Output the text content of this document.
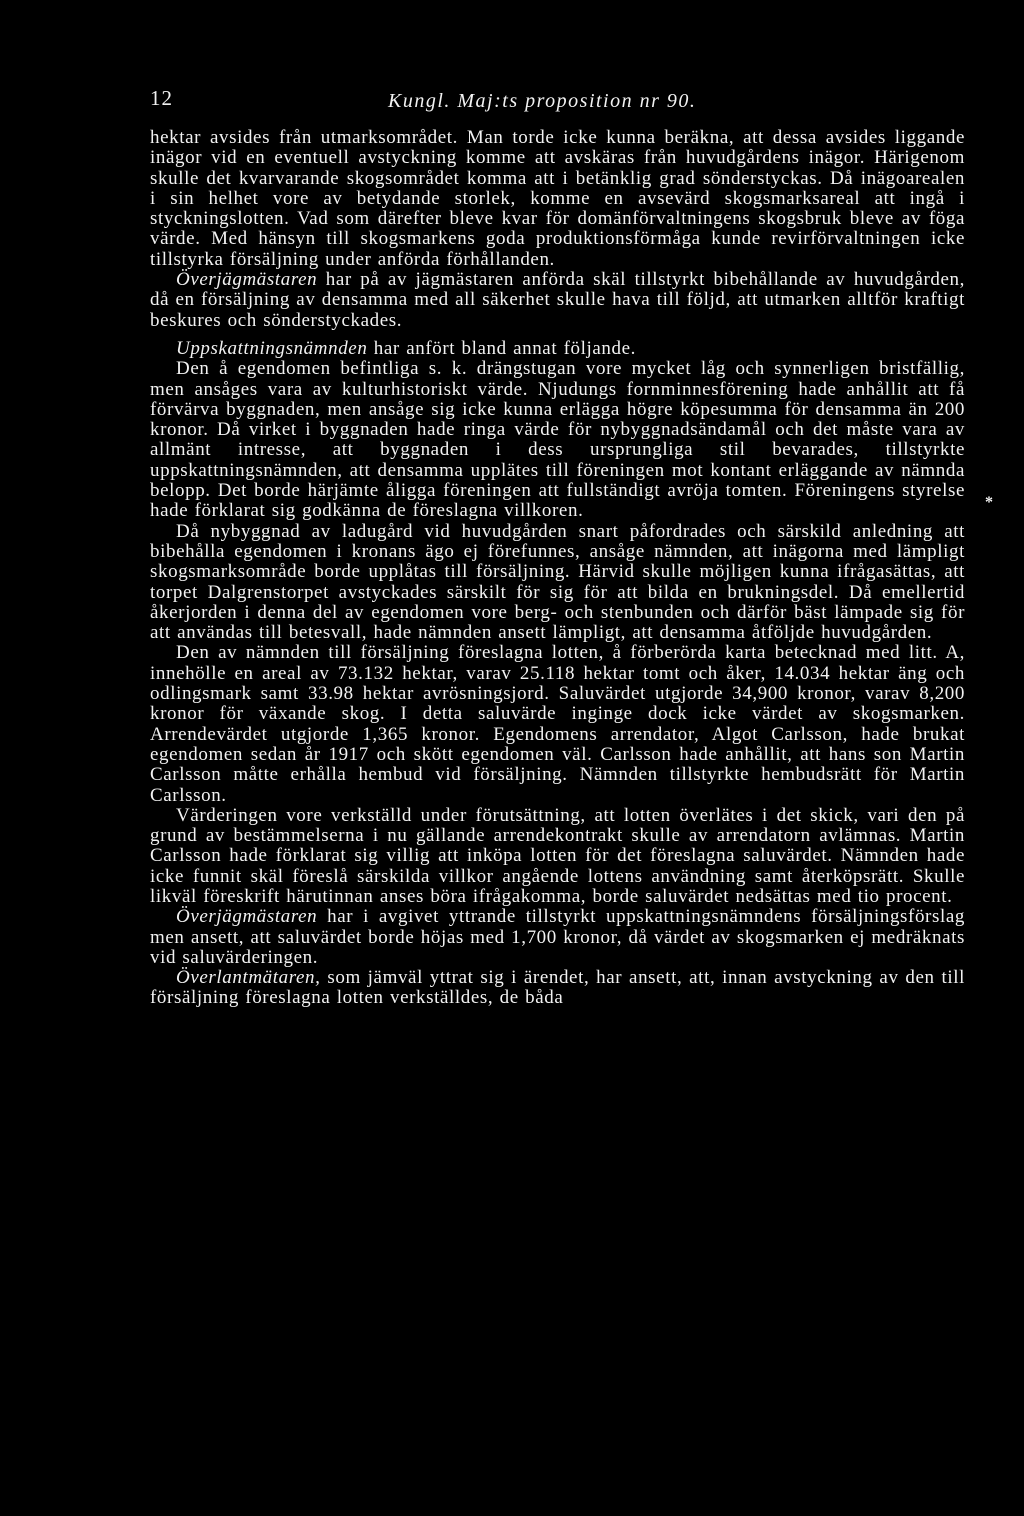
12	Kungl. Maj:ts proposition nr 90.
*

hektar avsides från utmarksområdet. Man torde icke kunna beräkna, att dessa avsides liggande inägor vid en eventuell avstyckning komme att avskäras från huvudgårdens inägor. Härigenom skulle det kvarvarande skogsområdet komma att i betänklig grad sönderstyckas. Då inägoarealen i sin helhet vore av betydande storlek, komme en avsevärd skogsmarksareal att ingå i styckningslotten. Vad som därefter bleve kvar för domänförvaltningens skogsbruk bleve av föga värde. Med hänsyn till skogsmarkens goda produktionsförmåga kunde revirförvaltningen icke tillstyrka försäljning under anförda förhållanden.

Överjägmästaren har på av jägmästaren anförda skäl tillstyrkt bibehållande av huvudgården, då en försäljning av densamma med all säkerhet skulle hava till följd, att utmarken alltför kraftigt beskures och sönderstyckades.

Uppskattningsnämnden har anfört bland annat följande.

Den å egendomen befintliga s. k. drängstugan vore mycket låg och synnerligen bristfällig, men ansåges vara av kulturhistoriskt värde. Njudungs fornminnesförening hade anhållit att få förvärva byggnaden, men ansåge sig icke kunna erlägga högre köpesumma för densamma än 200 kronor. Då virket i byggnaden hade ringa värde för nybyggnadsändamål och det måste vara av allmänt intresse, att byggnaden i dess ursprungliga stil bevarades, tillstyrkte uppskattningsnämnden, att densamma upplätes till föreningen mot kontant erläggande av nämnda belopp. Det borde härjämte åligga föreningen att fullständigt avröja tomten. Föreningens styrelse hade förklarat sig godkänna de föreslagna villkoren.

Då nybyggnad av ladugård vid huvudgården snart påfordrades och särskild anledning att bibehålla egendomen i kronans ägo ej förefunnes, ansåge nämnden, att inägorna med lämpligt skogsmarksområde borde upplåtas till försäljning. Härvid skulle möjligen kunna ifrågasättas, att torpet Dalgrenstorpet avstyckades särskilt för sig för att bilda en brukningsdel. Då emellertid åkerjorden i denna del av egendomen vore berg- och stenbunden och därför bäst lämpade sig för att användas till betesvall, hade nämnden ansett lämpligt, att densamma åtföljde huvudgården.

Den av nämnden till försäljning föreslagna lotten, å förberörda karta betecknad med litt. A, innehölle en areal av 73.132 hektar, varav 25.118 hektar tomt och åker, 14.034 hektar äng och odlingsmark samt 33.98 hektar avrösningsjord. Saluvärdet utgjorde 34,900 kronor, varav 8,200 kronor för växande skog. I detta saluvärde inginge dock icke värdet av skogsmarken. Arrendevärdet utgjorde 1,365 kronor. Egendomens arrendator, Algot Carlsson, hade brukat egendomen sedan år 1917 och skött egendomen väl. Carlsson hade anhållit, att hans son Martin Carlsson måtte erhålla hembud vid försäljning. Nämnden tillstyrkte hembudsrätt för Martin Carlsson.

Värderingen vore verkställd under förutsättning, att lotten överlätes i det skick, vari den på grund av bestämmelserna i nu gällande arrendekontrakt skulle av arrendatorn avlämnas. Martin Carlsson hade förklarat sig villig att inköpa lotten för det föreslagna saluvärdet. Nämnden hade icke funnit skäl föreslå särskilda villkor angående lottens användning samt återköpsrätt. Skulle likväl föreskrift härutinnan anses böra ifrågakomma, borde saluvärdet nedsättas med tio procent.

Överjägmästaren har i avgivet yttrande tillstyrkt uppskattningsnämndens försäljningsförslag men ansett, att saluvärdet borde höjas med 1,700 kronor, då värdet av skogsmarken ej medräknats vid saluvärderingen.

Överlantmätaren, som jämväl yttrat sig i ärendet, har ansett, att, innan avstyckning av den till försäljning föreslagna lotten verkställdes, de båda
